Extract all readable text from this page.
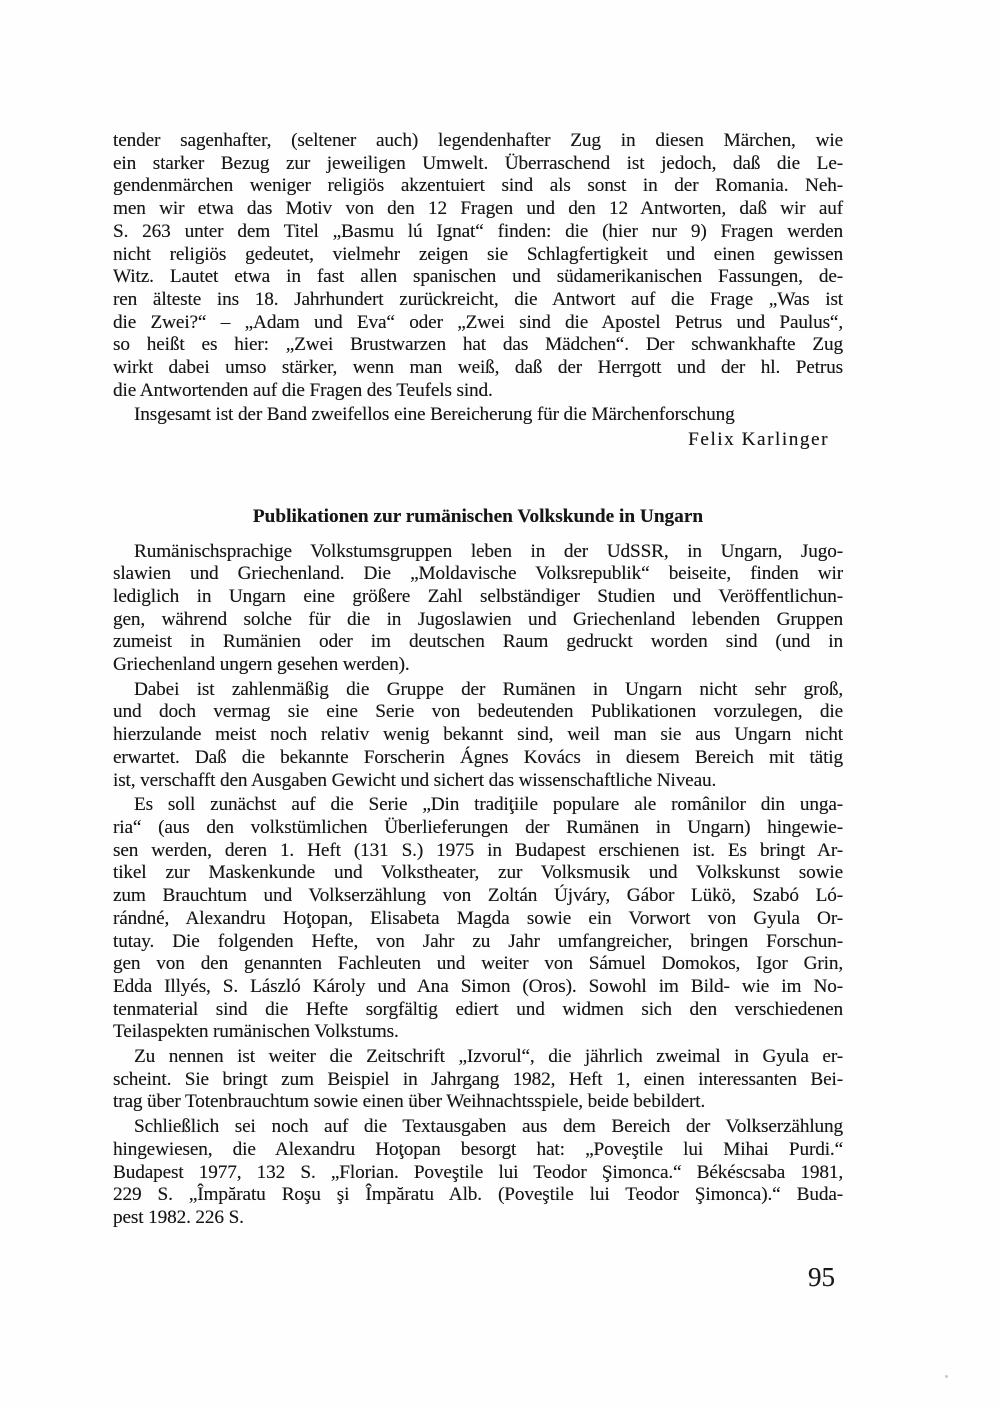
tender sagenhafter, (seltener auch) legendenhafter Zug in diesen Märchen, wie
ein starker Bezug zur jeweiligen Umwelt. Überraschend ist jedoch, daß die Le-
gendenmärchen weniger religiös akzentuiert sind als sonst in der Romania. Neh-
men wir etwa das Motiv von den 12 Fragen und den 12 Antworten, daß wir auf
S. 263 unter dem Titel „Basmu lú Ignat“ finden: die (hier nur 9) Fragen werden
nicht religiös gedeutet, vielmehr zeigen sie Schlagfertigkeit und einen gewissen
Witz. Lautet etwa in fast allen spanischen und südamerikanischen Fassungen, de-
ren älteste ins 18. Jahrhundert zurückreicht, die Antwort auf die Frage „Was ist
die Zwei?“ – „Adam und Eva“ oder „Zwei sind die Apostel Petrus und Paulus“,
so heißt es hier: „Zwei Brustwarzen hat das Mädchen“. Der schwankhafte Zug
wirkt dabei umso stärker, wenn man weiß, daß der Herrgott und der hl. Petrus
die Antwortenden auf die Fragen des Teufels sind.
Insgesamt ist der Band zweifellos eine Bereicherung für die Märchenforschung
Felix Karlinger
Publikationen zur rumänischen Volkskunde in Ungarn
Rumänischsprachige Volkstumsgruppen leben in der UdSSR, in Ungarn, Jugo-
slawien und Griechenland. Die „Moldavische Volksrepublik“ beiseite, finden wir
lediglich in Ungarn eine größere Zahl selbständiger Studien und Veröffentlichun-
gen, während solche für die in Jugoslawien und Griechenland lebenden Gruppen
zumeist in Rumänien oder im deutschen Raum gedruckt worden sind (und in
Griechenland ungern gesehen werden).
Dabei ist zahlenmäßig die Gruppe der Rumänen in Ungarn nicht sehr groß,
und doch vermag sie eine Serie von bedeutenden Publikationen vorzulegen, die
hierzulande meist noch relativ wenig bekannt sind, weil man sie aus Ungarn nicht
erwartet. Daß die bekannte Forscherin Ágnes Kovács in diesem Bereich mit tätig
ist, verschafft den Ausgaben Gewicht und sichert das wissenschaftliche Niveau.
Es soll zunächst auf die Serie „Din tradiţiile populare ale românilor din unga-
ria“ (aus den volkstümlichen Überlieferungen der Rumänen in Ungarn) hingewie-
sen werden, deren 1. Heft (131 S.) 1975 in Budapest erschienen ist. Es bringt Ar-
tikel zur Maskenkunde und Volkstheater, zur Volksmusik und Volkskunst sowie
zum Brauchtum und Volkserzählung von Zoltán Újváry, Gábor Lükö, Szabó Ló-
rándné, Alexandru Hoţopan, Elisabeta Magda sowie ein Vorwort von Gyula Or-
tutay. Die folgenden Hefte, von Jahr zu Jahr umfangreicher, bringen Forschun-
gen von den genannten Fachleuten und weiter von Sámuel Domokos, Igor Grin,
Edda Illyés, S. László Károly und Ana Simon (Oros). Sowohl im Bild- wie im No-
tenmaterial sind die Hefte sorgfältig ediert und widmen sich den verschiedenen
Teilaspekten rumänischen Volkstums.
Zu nennen ist weiter die Zeitschrift „Izvorul“, die jährlich zweimal in Gyula er-
scheint. Sie bringt zum Beispiel in Jahrgang 1982, Heft 1, einen interessanten Bei-
trag über Totenbrauchtum sowie einen über Weihnachtsspiele, beide bebildert.
Schließlich sei noch auf die Textausgaben aus dem Bereich der Volkserzählung
hingewiesen, die Alexandru Hoţopan besorgt hat: „Poveştile lui Mihai Purdi.“
Budapest 1977, 132 S. „Florian. Poveştile lui Teodor Şimonca.“ Békéscsaba 1981,
229 S. „Împăratu Roşu şi Împăratu Alb. (Poveştile lui Teodor Şimonca).“ Buda-
pest 1982. 226 S.
95
